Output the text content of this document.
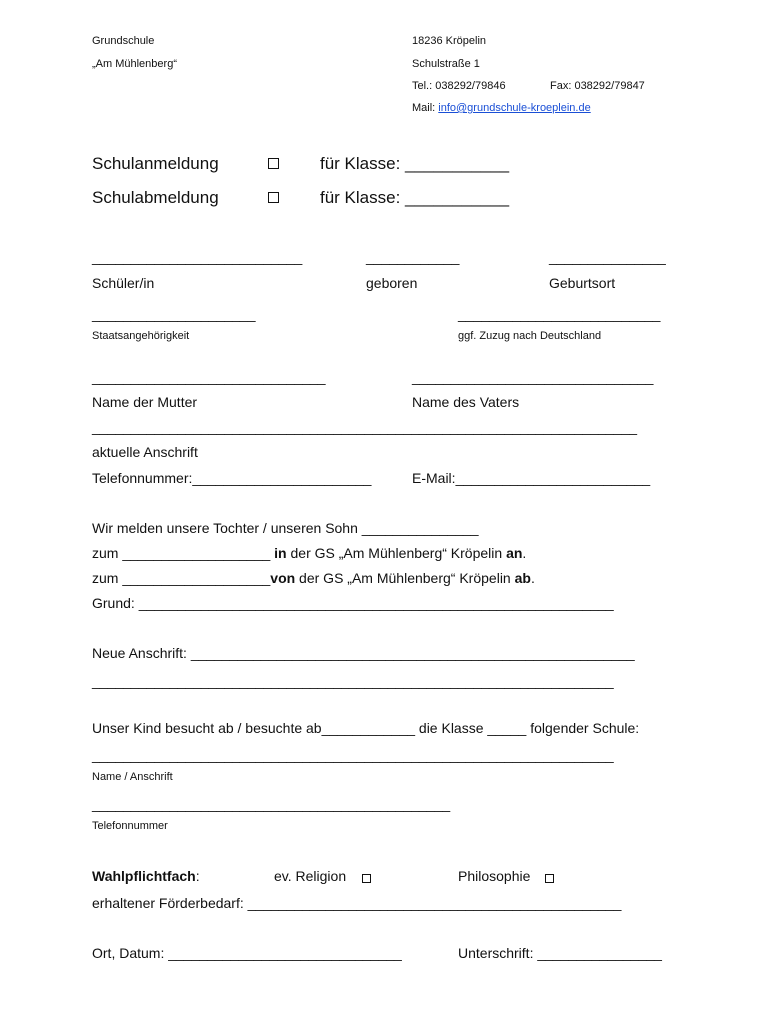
Grundschule
„Am Mühlenberg“
18236 Kröpelin
Schulstraße 1
Tel.: 038292/79846	Fax: 038292/79847
Mail: info@grundschule-kroeplein.de
Schulanmeldung	für Klasse: ___________
Schulabmeldung	für Klasse: ___________
___________________________	____________	_______________
Schüler/in	geboren	Geburtsort
_____________________	__________________________
Staatsangehörigkeit	ggf. Zuzug nach Deutschland
______________________________	_______________________________
Name der Mutter	Name des Vaters
______________________________________________________________________
aktuelle Anschrift
Telefonnummer:_______________________	E-Mail:_________________________
Wir melden unsere Tochter / unseren Sohn _______________
zum ___________________ in der GS „Am Mühlenberg“ Kröpelin an.
zum ___________________von der GS „Am Mühlenberg“ Kröpelin ab.
Grund: _____________________________________________________________
Neue Anschrift: _________________________________________________________
___________________________________________________________________
Unser Kind besucht ab / besuchte ab____________ die Klasse _____ folgender Schule:
___________________________________________________________________
Name / Anschrift
______________________________________________
Telefonnummer
Wahlpflichtfach:	ev. Religion	Philosophie
erhaltener Förderbedarf: ________________________________________________
Ort, Datum: ______________________________	Unterschrift: ________________
